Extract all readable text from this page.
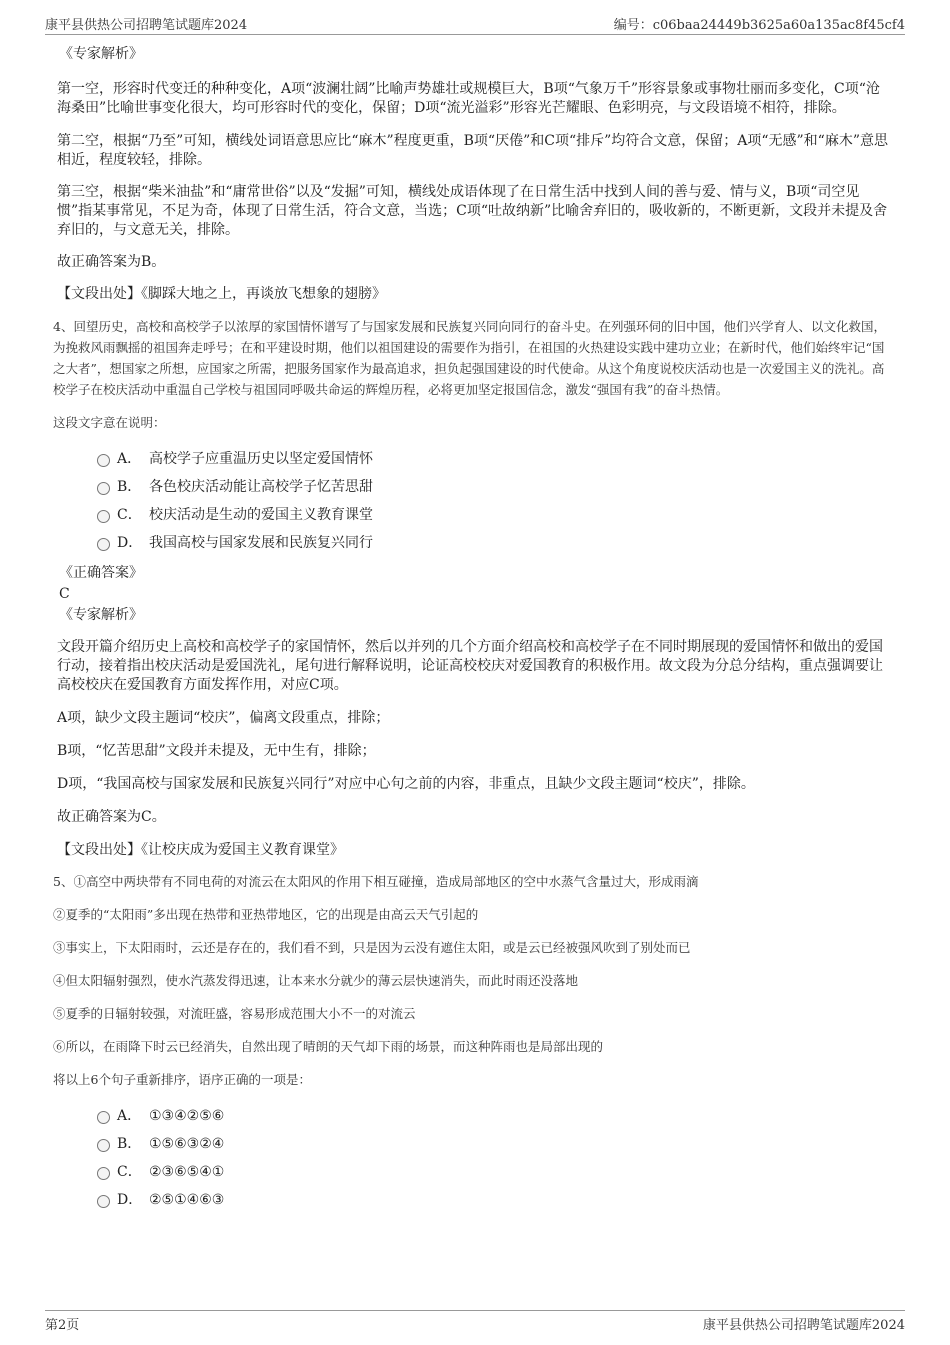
康平县供热公司招聘笔试题库2024	编号：c06baa24449b3625a60a135ac8f45cf4

《专家解析》

第一空，形容时代变迁的种种变化，A项“波澜壮阔”比喻声势雄壮或规模巨大，B项“气象万千”形容景象或事物壮丽而多变化，C项“沧海桑田”比喻世事变化很大，均可形容时代的变化，保留；D项“流光溢彩”形容光芒耀眼、色彩明亮，与文段语境不相符，排除。

第二空，根据“乃至”可知，横线处词语意思应比“麻木”程度更重，B项“厌倦”和C项“排斥”均符合文意，保留；A项“无感”和“麻木”意思相近，程度较轻，排除。

第三空，根据“柴米油盐”和“庸常世俗”以及“发掘”可知，横线处成语体现了在日常生活中找到人间的善与爱、情与义，B项“司空见惯”指某事常见，不足为奇，体现了日常生活，符合文意，当选；C项“吐故纳新”比喻舍弃旧的，吸收新的，不断更新，文段并未提及舍弃旧的，与文意无关，排除。

故正确答案为B。

【文段出处】《脚踩大地之上，再谈放飞想象的翅膀》

4、回望历史，高校和高校学子以浓厚的家国情怀谱写了与国家发展和民族复兴同向同行的奋斗史。在列强环伺的旧中国，他们兴学育人、以文化救国，为挽救风雨飘摇的祖国奔走呼号；在和平建设时期，他们以祖国建设的需要作为指引，在祖国的火热建设实践中建功立业；在新时代，他们始终牢记“国之大者”，想国家之所想，应国家之所需，把服务国家作为最高追求，担负起强国建设的时代使命。从这个角度说校庆活动也是一次爱国主义的洗礼。高校学子在校庆活动中重温自己学校与祖国同呼吸共命运的辉煌历程，必将更加坚定报国信念，激发“强国有我”的奋斗热情。

这段文字意在说明：

A． 高校学子应重温历史以坚定爱国情怀
B． 各色校庆活动能让高校学子忆苦思甜
C． 校庆活动是生动的爱国主义教育课堂
D． 我国高校与国家发展和民族复兴同行

《正确答案》

C

《专家解析》

文段开篇介绍历史上高校和高校学子的家国情怀，然后以并列的几个方面介绍高校和高校学子在不同时期展现的爱国情怀和做出的爱国行动，接着指出校庆活动是爱国洗礼，尾句进行解释说明，论证高校校庆对爱国教育的积极作用。故文段为分总分结构，重点强调要让高校校庆在爱国教育方面发挥作用，对应C项。

A项，缺少文段主题词“校庆”，偏离文段重点，排除；

B项，“忆苦思甜”文段并未提及，无中生有，排除；

D项，“我国高校与国家发展和民族复兴同行”对应中心句之前的内容，非重点，且缺少文段主题词“校庆”，排除。

故正确答案为C。

【文段出处】《让校庆成为爱国主义教育课堂》

5、①高空中两块带有不同电荷的对流云在太阳风的作用下相互碰撞，造成局部地区的空中水蒸气含量过大，形成雨滴

②夏季的“太阳雨”多出现在热带和亚热带地区，它的出现是由高云天气引起的

③事实上，下太阳雨时，云还是存在的，我们看不到，只是因为云没有遮住太阳，或是云已经被强风吹到了别处而已

④但太阳辐射强烈，使水汽蒸发得迅速，让本来水分就少的薄云层快速消失，而此时雨还没落地

⑤夏季的日辐射较强，对流旺盛，容易形成范围大小不一的对流云

⑥所以，在雨降下时云已经消失，自然出现了晴朗的天气却下雨的场景，而这种阵雨也是局部出现的

将以上6个句子重新排序，语序正确的一项是：

A． ①③④②⑤⑥
B． ①⑤⑥③②④
C． ②③⑥⑤④①
D． ②⑤①④⑥③
第2页	康平县供热公司招聘笔试题库2024
